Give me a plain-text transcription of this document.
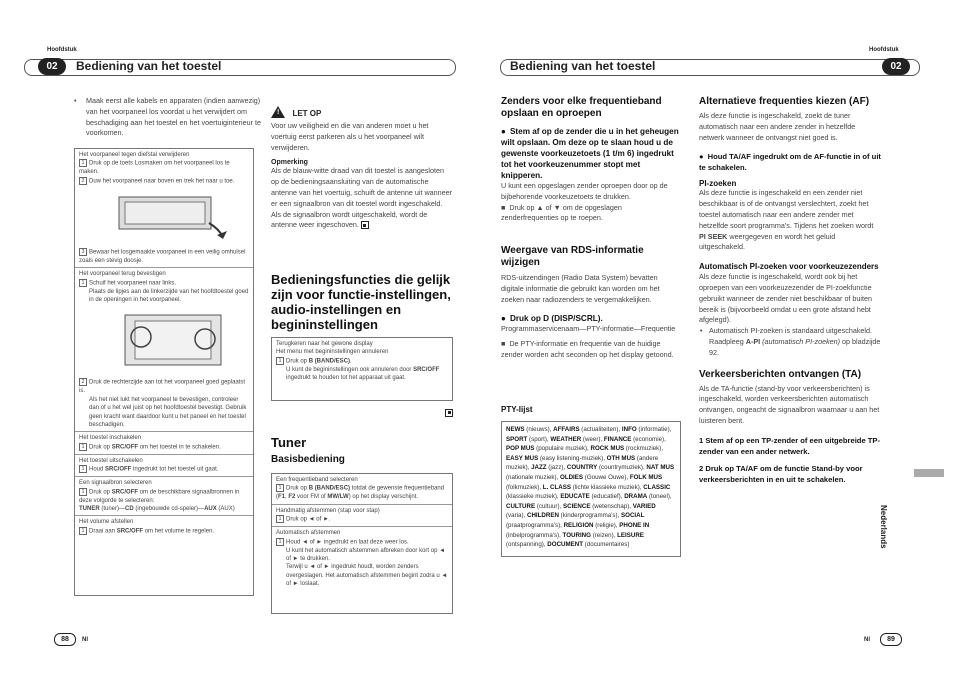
Hoofdstuk	Hoofdstuk
02	Bediening van het toestel	02
Bediening van het toestel
• Maak eerst alle kabels en apparaten (indien aanwezig) van het voorpaneel los voordat u het verwijdert om beschadiging aan het toestel en het voertuiginterieur te voorkomen.
Het voorpaneel tegen diefstal verwijderen
1 Druk op de toets Losmaken om het voorpaneel los te maken.
2 Duw het voorpaneel naar boven en trek het naar u toe.
3 Bewaar het losgemaakte voorpaneel in een veilig omhulsel zoals een stevig doosje.
Het voorpaneel terug bevestigen
1 Schuif het voorpaneel naar links.
Plaats de lipjes aan de linkerzijde van het hoofdtoestel goed in de openingen in het voorpaneel.
2 Druk de rechterzijde aan tot het voorpaneel goed geplaatst is.
Als het niet lukt het voorpaneel te bevestigen, controleer dan of u het wel juist op het hoofdtoestel bevestigt. Gebruik geen kracht want daardoor kunt u het paneel en het toestel beschadigen.
Het toestel inschakelen
1 Druk op SRC/OFF om het toestel in te schakelen.
Het toestel uitschakelen
1 Houd SRC/OFF ingedrukt tot het toestel uit gaat.
Een signaalbron selecteren
1 Druk op SRC/OFF om de beschikbare signaalbronnen in deze volgorde te selecteren:
TUNER (tuner)—CD (ingebouwde cd-speler)—AUX (AUX)
Het volume afstellen
1 Draai aan SRC/OFF om het volume te regelen.
! LET OP
Voor uw veiligheid en die van anderen moet u het voertuig eerst parkeren als u het voorpaneel wilt verwijderen.
Opmerking
Als de blauw-witte draad van dit toestel is aangesloten op de bedieningsaansluiting van de automatische antenne van het voertuig, schuift de antenne uit wanneer er een signaalbron van dit toestel wordt ingeschakeld. Als de signaalbron wordt uitgeschakeld, wordt de antenne weer ingeschoven.
Bedieningsfuncties die gelijk zijn voor functie-instellingen, audio-instellingen en begininstellingen
Terugkeren naar het gewone display
Het menu met begininstellingen annuleren
1 Druk op B (BAND/ESC).
U kunt de begininstellingen ook annuleren door SRC/OFF ingedrukt te houden tot het apparaat uit gaat.
Tuner
Basisbediening
Een frequentieband selecteren
1 Druk op B (BAND/ESC) totdat de gewenste frequentieband (F1, F2 voor FM of MW/LW) op het display verschijnt.
Handmatig afstemmen (stap voor stap)
1 Druk op ◄ of ►.
Automatisch afstemmen
1 Houd ◄ of ► ingedrukt en laat deze weer los.
U kunt het automatisch afstemmen afbreken door kort op ◄ of ► te drukken.
Terwijl u ◄ of ► ingedrukt houdt, worden zenders overgeslagen. Het automatisch afstemmen begint zodra u ◄ of ► loslaat.
Zenders voor elke frequentieband opslaan en oproepen
● Stem af op de zender die u in het geheugen wilt opslaan. Om deze op te slaan houd u de gewenste voorkeuzetoets (1 t/m 6) ingedrukt tot het voorkeuzenummer stopt met knipperen.
U kunt een opgeslagen zender oproepen door op de bijbehorende voorkeuzetoets te drukken.
■ Druk op ▲ of ▼ om de opgeslagen zenderfrequenties op te roepen.
Weergave van RDS-informatie wijzigen
RDS-uitzendingen (Radio Data System) bevatten digitale informatie die gebruikt kan worden om het zoeken naar radiozenders te vergemakkelijken.
● Druk op D (DISP/SCRL).
Programmaservicenaam—PTY-informatie—Frequentie
■ De PTY-informatie en frequentie van de huidige zender worden acht seconden op het display getoond.
PTY-lijst
NEWS (nieuws), AFFAIRS (actualiteiten), INFO (informatie), SPORT (sport), WEATHER (weer), FINANCE (economie), POP MUS (populaire muziek), ROCK MUS (rockmuziek), EASY MUS (easy listening-muziek), OTH MUS (andere muziek), JAZZ (jazz), COUNTRY (countrymuziek), NAT MUS (nationale muziek), OLDIES (Gouwe Ouwe), FOLK MUS (folkmuziek), L. CLASS (lichte klassieke muziek), CLASSIC (klassieke muziek), EDUCATE (educatief), DRAMA (toneel), CULTURE (cultuur), SCIENCE (wetenschap), VARIED (varia), CHILDREN (kinderprogramma's), SOCIAL (praatprogramma's), RELIGION (religie), PHONE IN (inbelprogramma's), TOURING (reizen), LEISURE (ontspanning), DOCUMENT (documentaires)
Alternatieve frequenties kiezen (AF)
Als deze functie is ingeschakeld, zoekt de tuner automatisch naar een andere zender in hetzelfde netwerk wanneer de ontvangst niet goed is.
● Houd TA/AF ingedrukt om de AF-functie in of uit te schakelen.
PI-zoeken
Als deze functie is ingeschakeld en een zender niet beschikbaar is of de ontvangst verslechtert, zoekt het toestel automatisch naar een andere zender met hetzelfde soort programma's. Tijdens het zoeken wordt PI SEEK weergegeven en wordt het geluid uitgeschakeld.
Automatisch PI-zoeken voor voorkeuzezenders
Als deze functie is ingeschakeld, wordt ook bij het oproepen van een voorkeuzezender de PI-zoekfunctie gebruikt wanneer de zender niet beschikbaar of buiten bereik is (bijvoorbeeld omdat u een grote afstand hebt afgelegd).
• Automatisch PI-zoeken is standaard uitgeschakeld. Raadpleeg A-PI (automatisch PI-zoeken) op bladzijde 92.
Verkeersberichten ontvangen (TA)
Als de TA-functie (stand-by voor verkeersberichten) is ingeschakeld, worden verkeersberichten automatisch ontvangen, ongeacht de signaalbron waarnaar u aan het luisteren bent.
1 Stem af op een TP-zender of een uitgebreide TP-zender van een ander netwerk.
2 Druk op TA/AF om de functie Stand-by voor verkeersberichten in en uit te schakelen.
Nederlands
88	Nl	89
Nl
